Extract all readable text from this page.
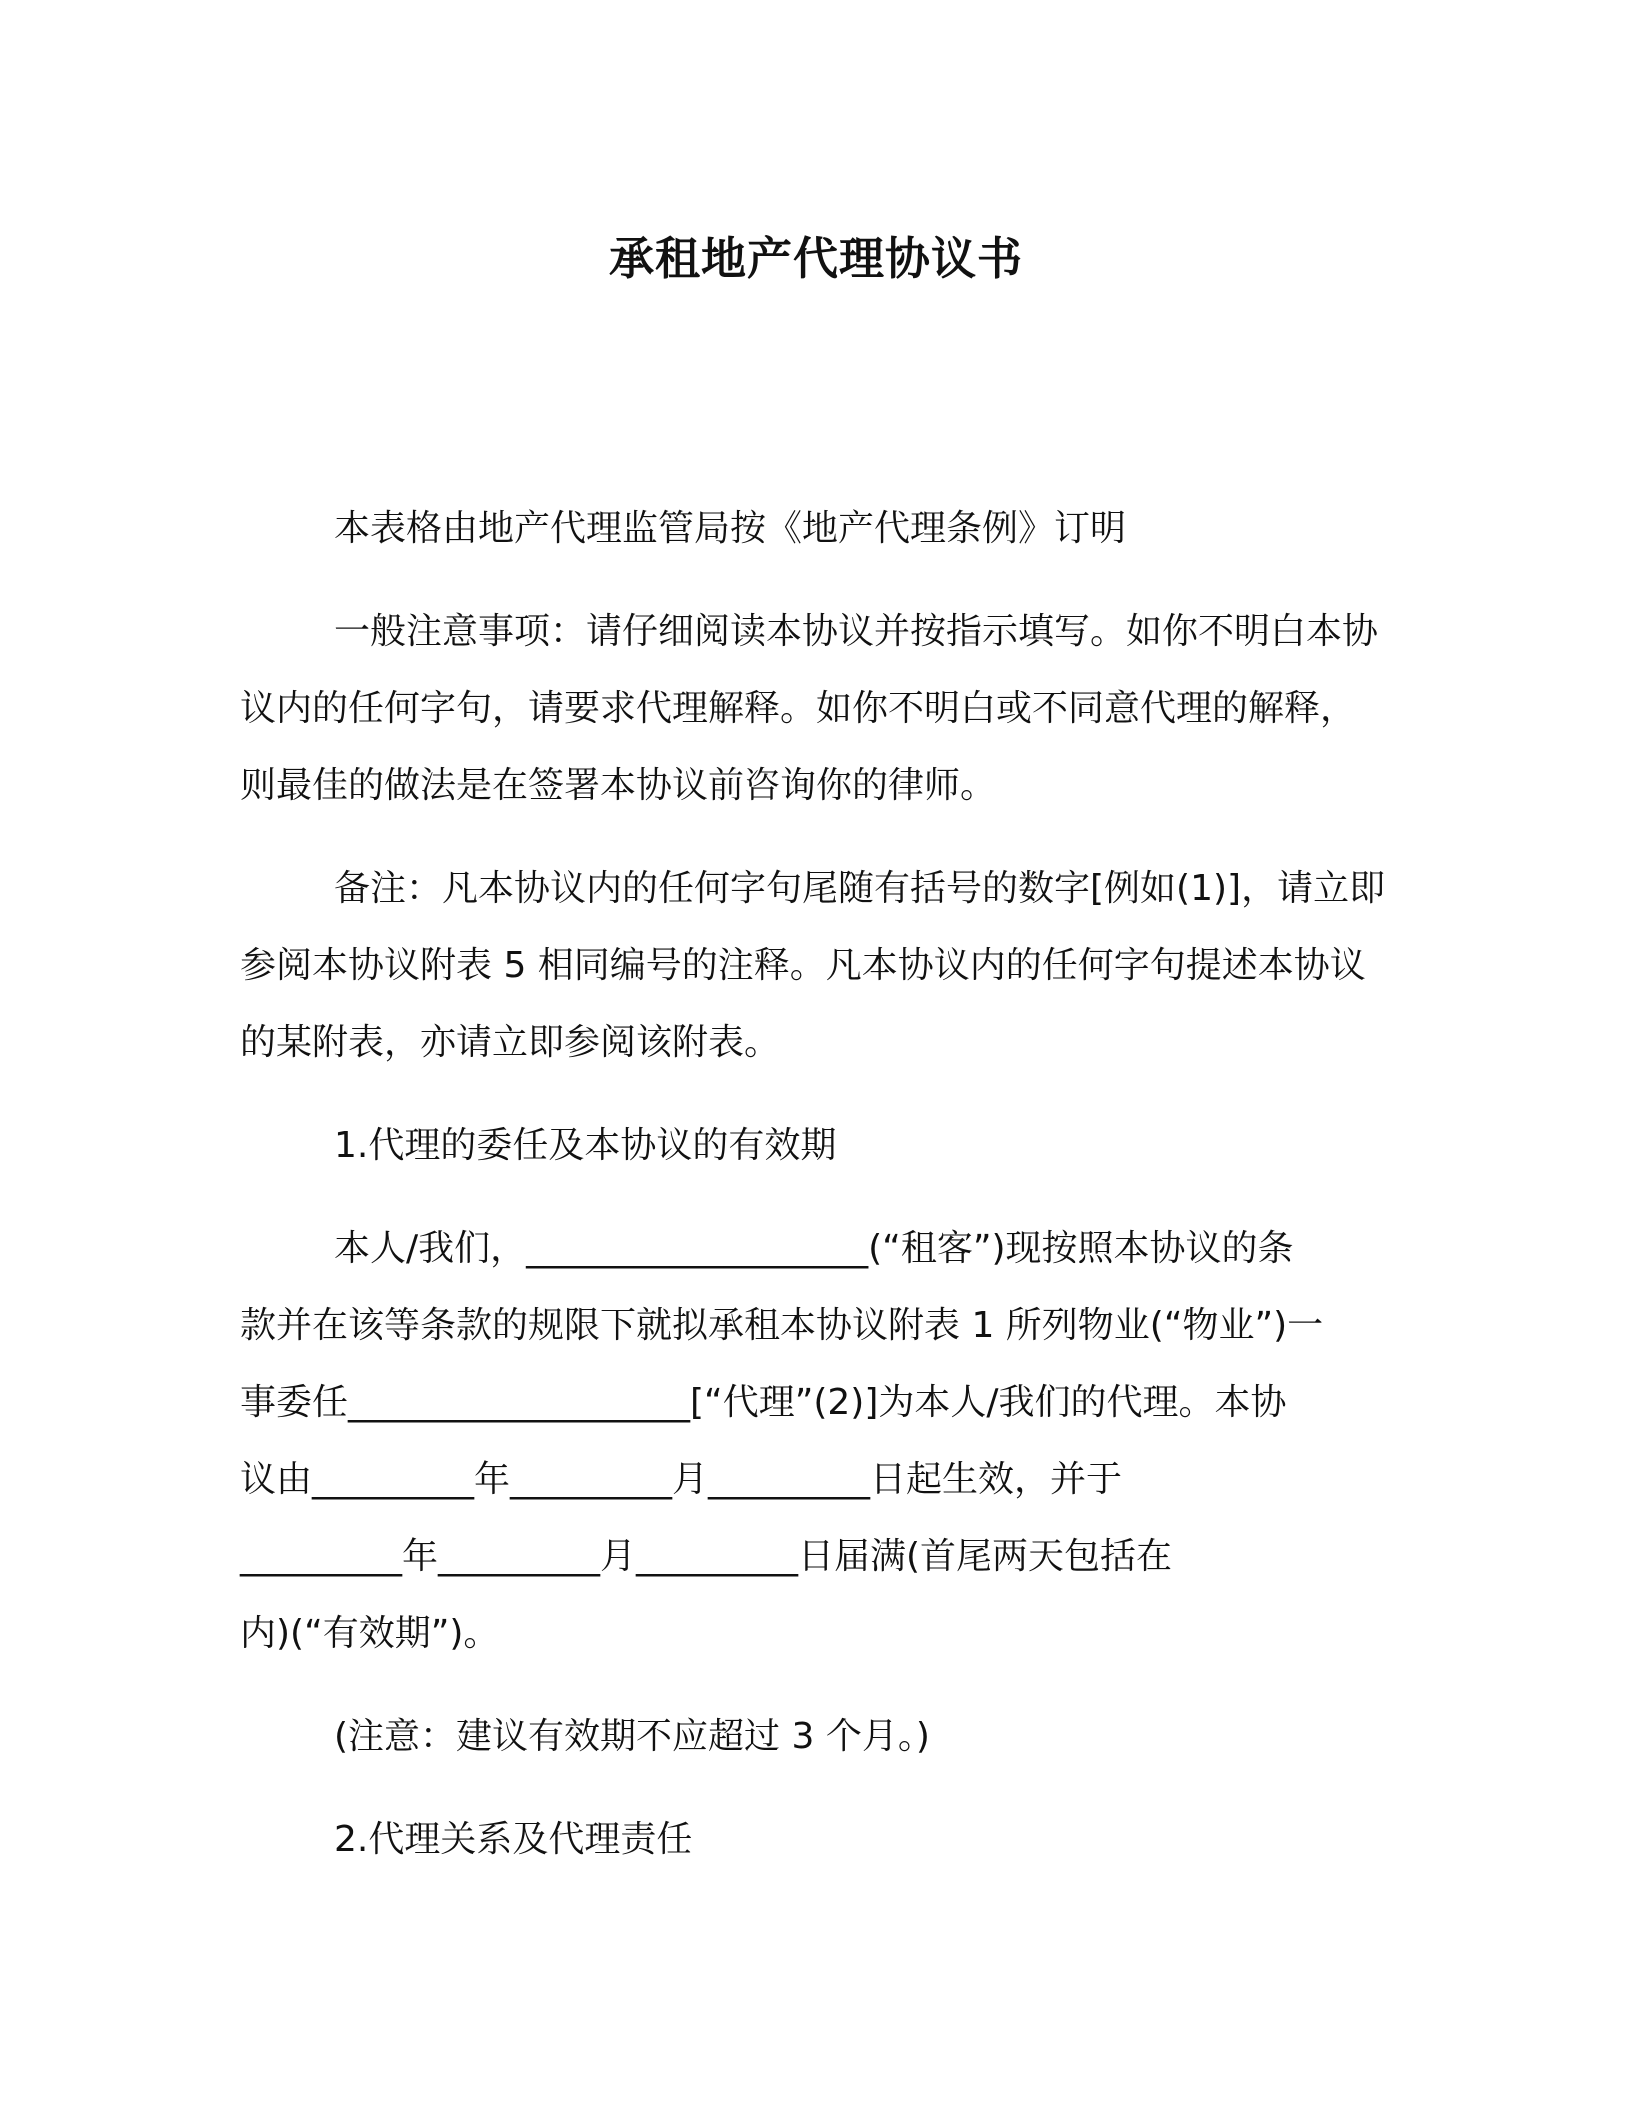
承租地产代理协议书

本表格由地产代理监管局按《地产代理条例》订明

一般注意事项：请仔细阅读本协议并按指示填写。如你不明白本协议内的任何字句，请要求代理解释。如你不明白或不同意代理的解释，则最佳的做法是在签署本协议前咨询你的律师。

备注：凡本协议内的任何字句尾随有括号的数字[例如(1)]，请立即参阅本协议附表 5 相同编号的注释。凡本协议内的任何字句提述本协议的某附表，亦请立即参阅该附表。

1.代理的委任及本协议的有效期

本人/我们，___________________(“租客”)现按照本协议的条
款并在该等条款的规限下就拟承租本协议附表 1 所列物业(“物业”)一
事委任___________________[“代理”(2)]为本人/我们的代理。本协
议由_________年_________月_________日起生效，并于
_________年_________月_________日届满(首尾两天包括在
内)(“有效期”)。

(注意：建议有效期不应超过 3 个月。)

2.代理关系及代理责任
